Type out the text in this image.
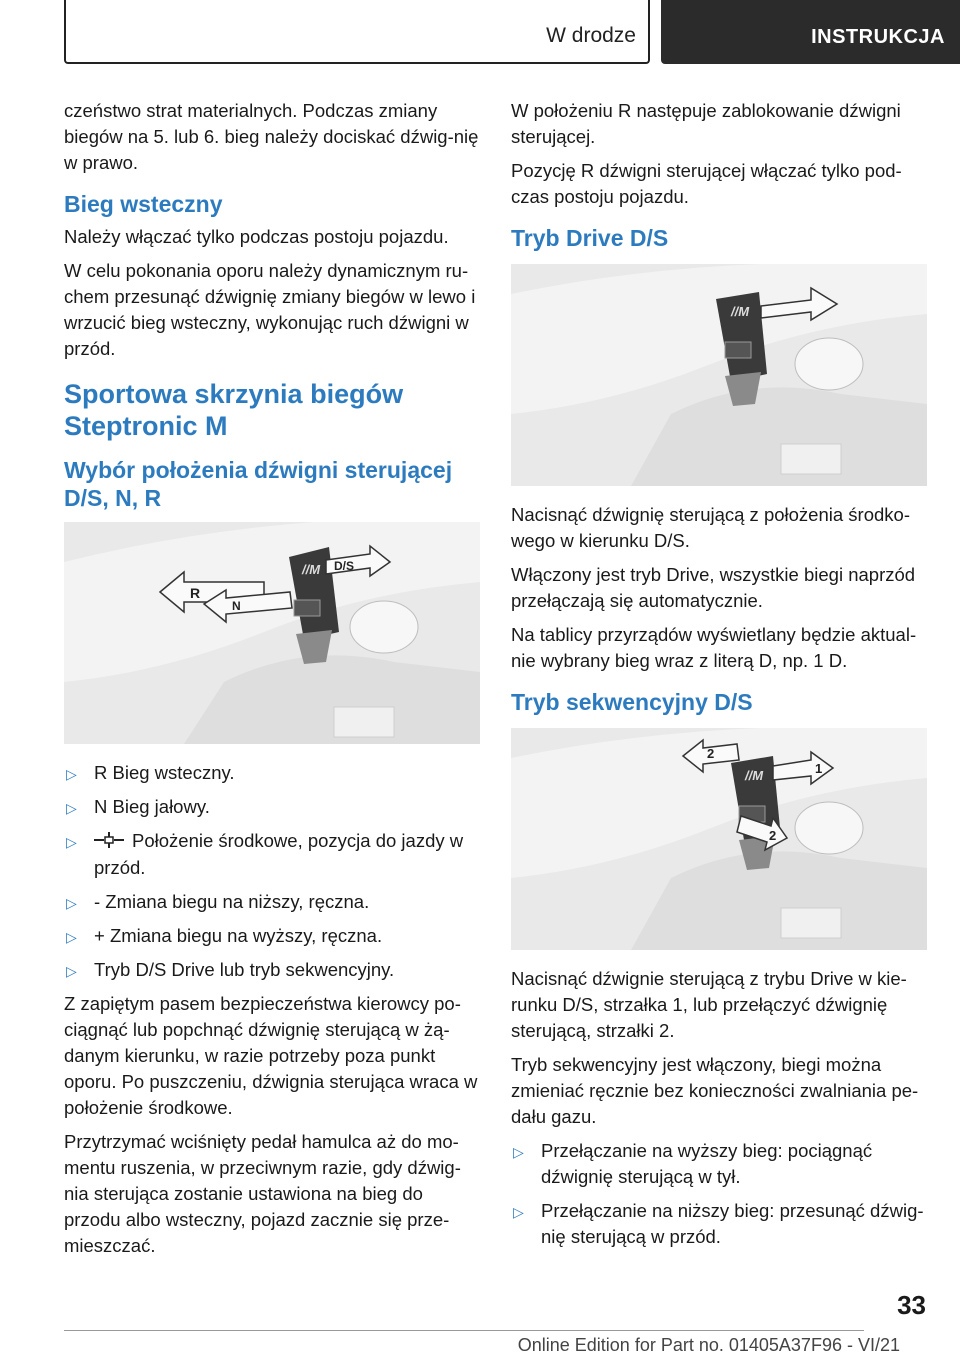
W drodze	INSTRUKCJA

czeństwo strat materialnych. Podczas zmiany biegów na 5. lub 6. bieg należy dociskać dźwig‐nię w prawo.

Bieg wsteczny

Należy włączać tylko podczas postoju pojazdu.

W celu pokonania oporu należy dynamicznym ru‐chem przesunąć dźwignię zmiany biegów w lewo i wrzucić bieg wsteczny, wykonując ruch dźwigni w przód.

Sportowa skrzynia biegów Steptronic M
Wybór położenia dźwigni sterującej D/S, N, R
//M
R
N
D/S
▷ R Bieg wsteczny.
▷ N Bieg jałowy.
▷	Położenie środkowe, pozycja do jazdy w przód.
▷ - Zmiana biegu na niższy, ręczna.
▷ + Zmiana biegu na wyższy, ręczna.
▷ Tryb D/S Drive lub tryb sekwencyjny.

Z zapiętym pasem bezpieczeństwa kierowcy po‐ciągnąć lub popchnąć dźwignię sterującą w żą‐danym kierunku, w razie potrzeby poza punkt oporu. Po puszczeniu, dźwignia sterująca wraca w położenie środkowe.

Przytrzymać wciśnięty pedał hamulca aż do mo‐mentu ruszenia, w przeciwnym razie, gdy dźwig‐nia sterująca zostanie ustawiona na bieg do przodu albo wsteczny, pojazd zacznie się prze‐mieszczać.

W położeniu R następuje zablokowanie dźwigni sterującej.

Pozycję R dźwigni sterującej włączać tylko pod‐czas postoju pojazdu.

Tryb Drive D/S
//M

Nacisnąć dźwignię sterującą z położenia środko‐wego w kierunku D/S.

Włączony jest tryb Drive, wszystkie biegi naprzód przełączają się automatycznie.

Na tablicy przyrządów wyświetlany będzie aktual‐nie wybrany bieg wraz z literą D, np. 1 D.

Tryb sekwencyjny D/S
//M
2
1
2

Nacisnąć dźwignie sterującą z trybu Drive w kie‐runku D/S, strzałka 1, lub przełączyć dźwignię sterującą, strzałki 2.

Tryb sekwencyjny jest włączony, biegi można zmieniać ręcznie bez konieczności zwalniania pe‐dału gazu.

▷ Przełączanie na wyższy bieg: pociągnąć dźwignię sterującą w tył.
▷ Przełączanie na niższy bieg: przesunąć dźwig‐nię sterującą w przód.
33
Online Edition for Part no. 01405A37F96 - VI/21
